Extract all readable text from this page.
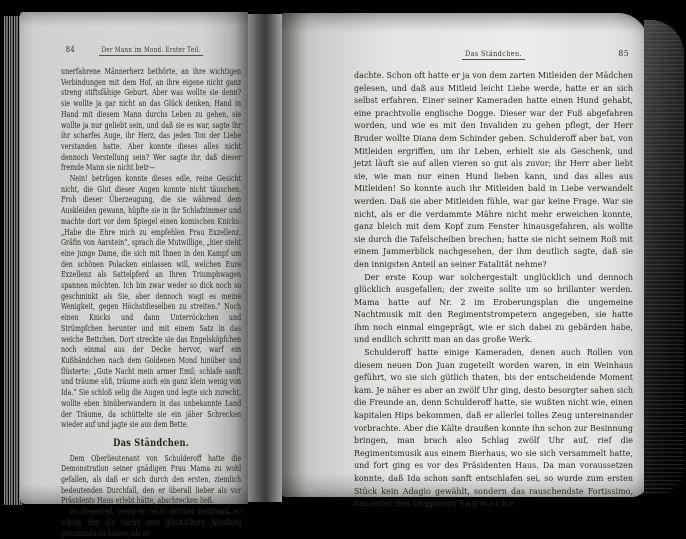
84	Der Mann im Mond. Erster Teil.

unerfahrene Männerherz bethörte, an ihre wichtigen Verbindungen mit dem Hof, an ihre eigene nicht ganz streng stiftsfähige Geburt. Aber was wollte sie denn? sie wollte ja gar nicht an das Glück denken, Hand in Hand mit diesem Mann durchs Leben zu gehen, sie wollte ja nur geliebt sein, und daß sie es war, sagte ihr ihr scharfes Auge, ihr Herz, das jeden Ton der Liebe verstanden hatte. Aber konnte dieses alles nicht dennoch Verstellung sein? Wer sagte ihr, daß dieser fremde Mann sie nicht betr—

Nein! betrügen konnte dieses edle, reine Gesicht nicht, die Glut dieser Augen konnte nicht täuschen. Froh dieser Überzeugung, die sie während dem Auskleiden gewann, hüpfte sie in ihr Schlafzimmer und machte dort vor dem Spiegel einen komischen Knicks: „Habe die Ehre mich zu empfehlen Frau Exzellenz, Gräfin von Aarstein“, sprach die Mutwillige, „hier steht eine junge Dame, die sich mit Ihnen in den Kampf um den schönen Polacken einlassen will, welchen Eure Exzellenz als Sattelpferd an Ihren Triumphwagen spannen möchten. Ich bin zwar weder so dick noch so geschminkt als Sie, aber dennoch wagt es meine Wenigkeit, gegen Höchstdieselben zu streiten.“ Noch einen Knicks und dann Unterröckchen und Strümpfchen herunter und mit einem Satz in das weiche Bettchen. Dort streckte sie das Engelsköpfchen noch einmal aus der Decke hervor, warf ein Kußhändchen nach dem Goldenen Mond hinüber und flüsterte: „Gute Nacht mein armer Emil; schlafe sanft und träume süß, träume auch ein ganz klein wenig von Ida.“ Sie schloß selig die Augen und legte sich zurecht, wollte eben hinüberwandern in das unbekannte Land der Träume, da schüttelte sie ein jäher Schrecken wieder auf und jagte sie aus dem Bette.

Das Ständchen.

Dem Oberlieutenant von Schulderoff hatte die Demonstration seiner gnädigen Frau Mama zu wohl gefallen, als daß er sich durch den ersten, ziemlich bedeutenden Durchfall, den er überall lieber als vor Präsidents Haus erlebt hätte, abschrecken ließ.

Im Gegenteil, wenn er recht darüber nachsann, so schien ihm die Sache eine glücklichere Wendung genommen zu haben, als er

Das Ständchen.	85

dachte. Schon oft hatte er ja von dem zarten Mitleiden der Mädchen gelesen, und daß aus Mitleid leicht Liebe werde, hatte er an sich selbst erfahren. Einer seiner Kameraden hatte einen Hund gehabt, eine prachtvolle englische Dogge. Dieser war der Fuß abgefahren worden, und wie es mit den Invaliden zu gehen pflegt, der Herr Bruder wollte Diana dem Schinder geben. Schulderoff aber bat, von Mitleiden ergriffen, um ihr Leben, erhielt sie als Geschenk, und jetzt läuft sie auf allen vieren so gut als zuvor; ihr Herr aber liebt sie, wie man nur einen Hund lieben kann, und das alles aus Mitleiden! So konnte auch ihr Mitleiden bald in Liebe verwandelt werden. Daß sie aber Mitleiden fühle, war gar keine Frage. War sie nicht, als er die verdammte Mähre nicht mehr erweichen konnte, ganz bleich mit dem Kopf zum Fenster hinausgefahren, als wollte sie durch die Tafelscheiben brechen; hatte sie nicht seinem Roß mit einem Jammerblick nachgesehen, der ihm deutlich sagte, daß sie den innigsten Anteil an seiner Fatalität nehme?

Der erste Koup war solchergestalt unglücklich und dennoch glücklich ausgefallen; der zweite sollte um so brillanter werden. Mama hatte auf Nr. 2 im Eroberungsplan die ungemeine Nachtmusik mit den Regimentstrompetern angegeben, sie hatte ihm noch einmal eingeprägt, wie er sich dabei zu gebärden habe, und endlich schritt man an das große Werk.

Schulderoff hatte einige Kameraden, denen auch Rollen von diesem neuen Don Juan zugeteilt worden waren, in ein Weinhaus geführt, wo sie sich gütlich thaten, bis der entscheidende Moment kam. Je näher es aber an zwölf Uhr ging, desto besorgter sahen sich die Freunde an, denn Schulderoff hatte, sie wußten nicht wie, einen kapitalen Hips bekommen, daß er allerlei tolles Zeug untereinander vorbrachte. Aber die Kälte draußen konnte ihn schon zur Besinnung bringen, man brach also Schlag zwölf Uhr auf, rief die Regimentsmusik aus einem Bierhaus, wo sie sich versammelt hatte, und fort ging es vor des Präsidenten Haus. Da man voraussetzen konnte, daß Ida schon sanft entschlafen sei, so wurde zum ersten Stück kein Adagio gewählt, sondern das rauschendste Fortissimo, das unter den Dragonern Tagwache
